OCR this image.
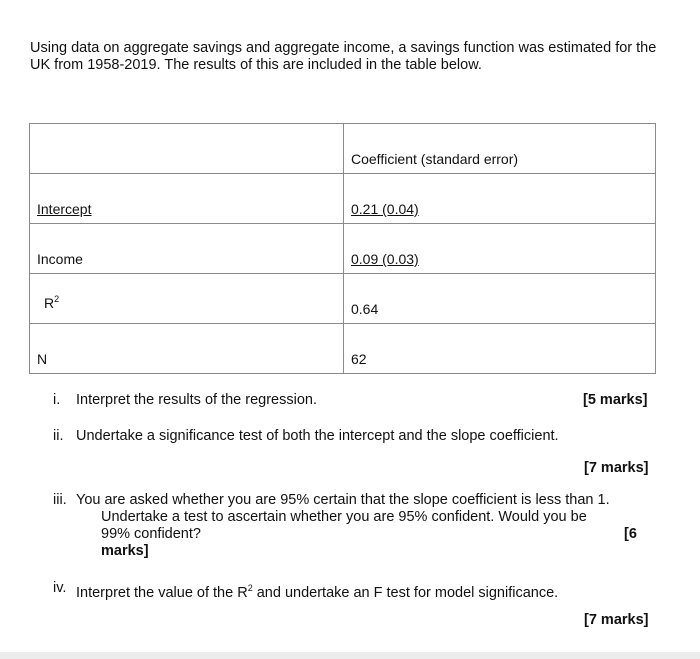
Using data on aggregate savings and aggregate income, a savings function was estimated for the UK from 1958-2019. The results of this are included in the table below.
	Coefficient (standard error)
Intercept	0.21 (0.04)
Income	0.09 (0.03)
$R^2$	0.64
N	62
i. Interpret the results of the regression.	[5 marks]
ii. Undertake a significance test of both the intercept and the slope coefficient.
[7 marks]
iii. You are asked whether you are 95% certain that the slope coefficient is less than 1.
Undertake a test to ascertain whether you are 95% confident. Would you be
99% confident?	[6
marks]
iv. Interpret the value of the $R^2$ and undertake an F test for model significance.
[7 marks]
